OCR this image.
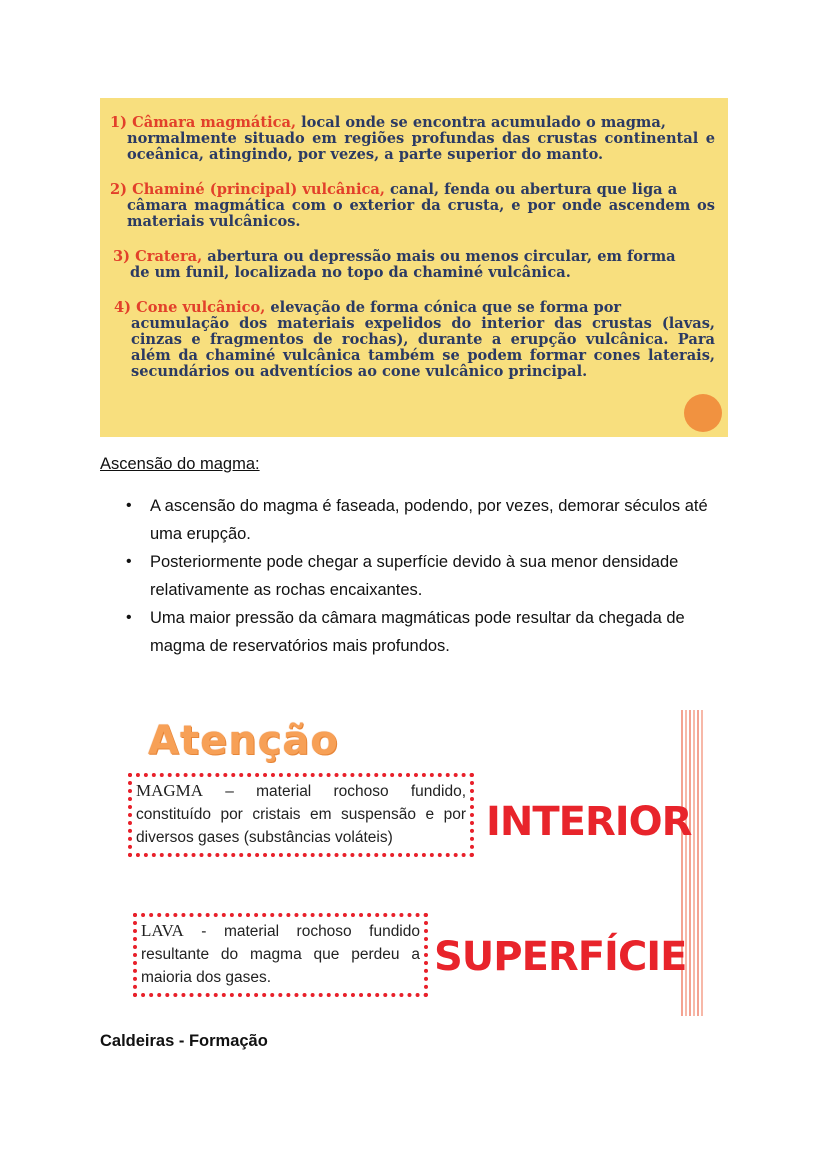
1) Câmara magmática, local onde se encontra acumulado o magma,
normalmente situado em regiões profundas das crustas continental e oceânica, atingindo, por vezes, a parte superior do manto.
2) Chaminé (principal) vulcânica, canal, fenda ou abertura que liga a
câmara magmática com o exterior da crusta, e por onde ascendem os materiais vulcânicos.
3) Cratera, abertura ou depressão mais ou menos circular, em forma
de um funil, localizada no topo da chaminé vulcânica.
4) Cone vulcânico, elevação de forma cónica que se forma por
acumulação dos materiais expelidos do interior das crustas (lavas, cinzas e fragmentos de rochas), durante a erupção vulcânica. Para além da chaminé vulcânica também se podem formar cones laterais, secundários ou adventícios ao cone vulcânico principal.
Ascensão do magma:
• A ascensão do magma é faseada, podendo, por vezes, demorar séculos até uma erupção.
• Posteriormente pode chegar a superfície devido à sua menor densidade relativamente as rochas encaixantes.
• Uma maior pressão da câmara magmáticas pode resultar da chegada de magma de reservatórios mais profundos.
Atenção
MAGMA – material rochoso fundido, constituído por cristais em suspensão e por diversos gases (substâncias voláteis)	INTERIOR
LAVA - material rochoso fundido resultante do magma que perdeu a maioria dos gases.	SUPERFÍCIE
Caldeiras - Formação
